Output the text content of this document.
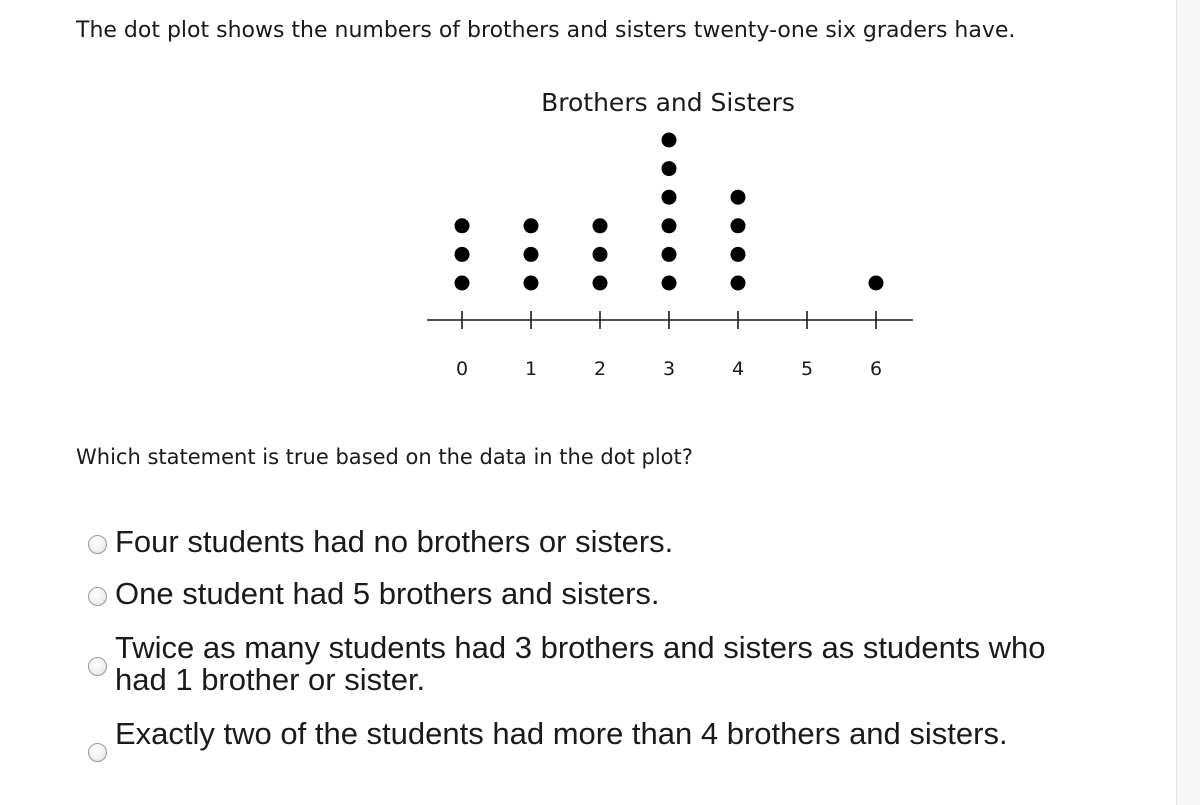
The dot plot shows the numbers of brothers and sisters twenty-one six graders have.
Brothers and Sisters
0	1	2	3	4	5	6
Which statement is true based on the data in the dot plot?
Four students had no brothers or sisters.
One student had 5 brothers and sisters.
Twice as many students had 3 brothers and sisters as students who had 1 brother or sister.
Exactly two of the students had more than 4 brothers and sisters.
